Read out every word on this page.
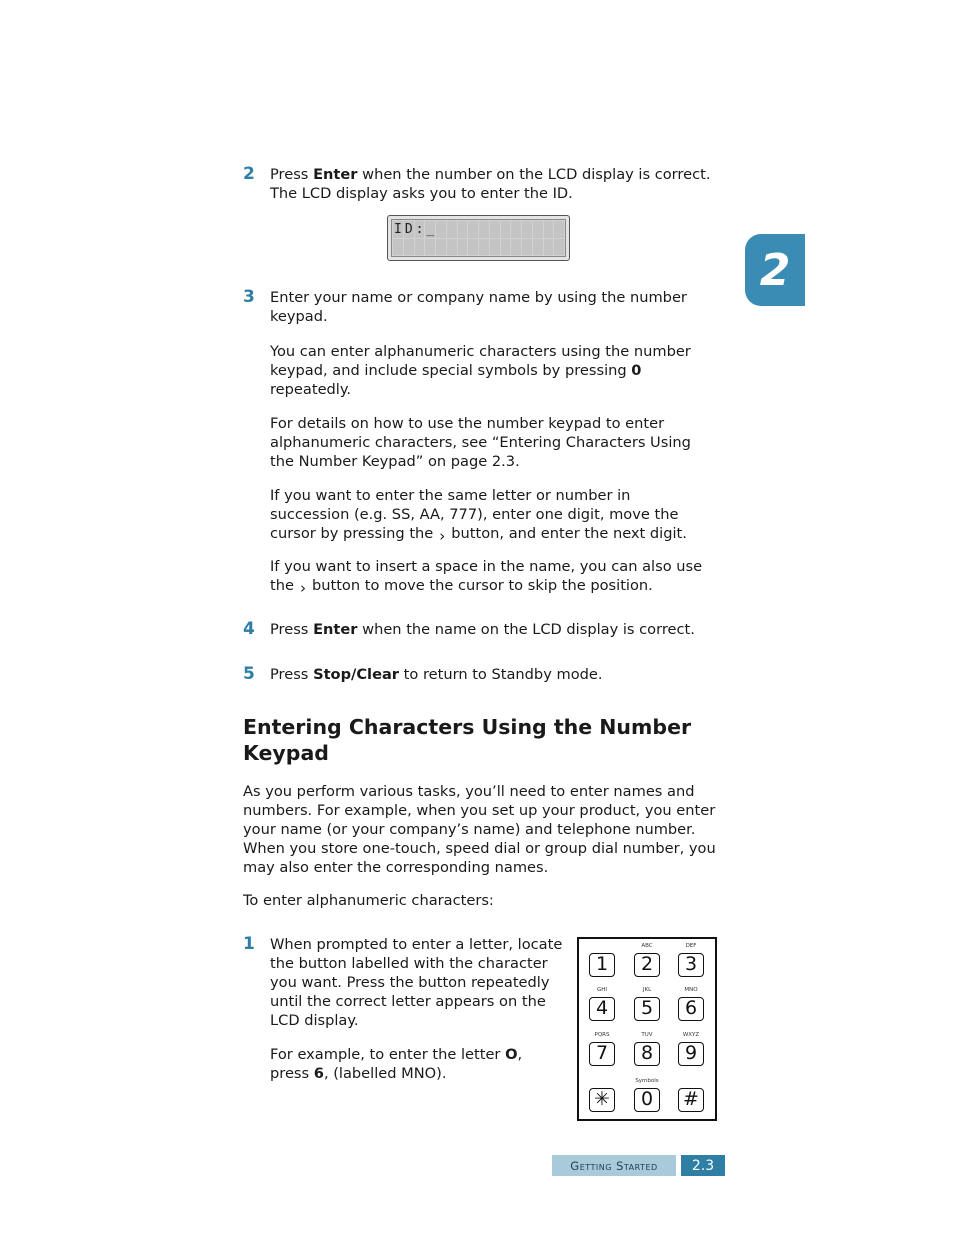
2
2 Press Enter when the number on the LCD display is correct.
The LCD display asks you to enter the ID.

ID:_
3 Enter your name or company name by using the number
keypad.

You can enter alphanumeric characters using the number
keypad, and include special symbols by pressing 0
repeatedly.

For details on how to use the number keypad to enter
alphanumeric characters, see “Entering Characters Using
the Number Keypad” on page 2.3.

If you want to enter the same letter or number in
succession (e.g. SS, AA, 777), enter one digit, move the
cursor by pressing the › button, and enter the next digit.

If you want to insert a space in the name, you can also use
the › button to move the cursor to skip the position.

4 Press Enter when the name on the LCD display is correct.

5 Press Stop/Clear to return to Standby mode.

Entering Characters Using the Number
Keypad

As you perform various tasks, you’ll need to enter names and
numbers. For example, when you set up your product, you enter
your name (or your company’s name) and telephone number.
When you store one-touch, speed dial or group dial number, you
may also enter the corresponding names.

To enter alphanumeric characters:

1 When prompted to enter a letter, locate
the button labelled with the character
you want. Press the button repeatedly
until the correct letter appears on the
LCD display.

For example, to enter the letter O,
press 6, (labelled MNO).

1	2
ABC
3
DEF
4
GHI
5
JKL
6
MNO
7
PQRS
8
TUV
9
WXYZ
✳	0
Symbols
#
Getting Started	2.3
